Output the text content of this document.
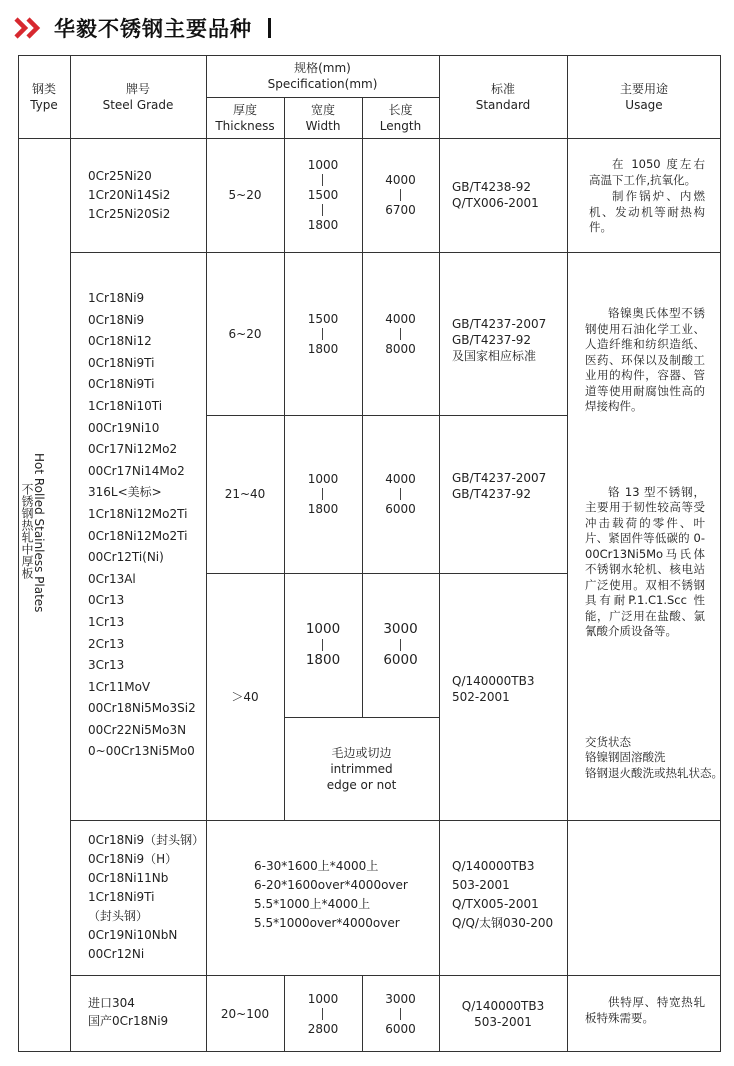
华毅不锈钢主要品种
钢类
Type
牌号
Steel Grade
规格(mm)
Specification(mm)
厚度
Thickness
宽度
Width
长度
Length
标准
Standard
主要用途
Usage
Hot Rolled Stainless Plates
不锈钢热轧中厚板
0Cr25Ni20
1Cr20Ni14Si2
1Cr25Ni20Si2
5~20
1000
1500
1800
4000
6700
GB/T4238-92
Q/TX006-2001
在 1050 度左右高温下工作,抗氧化。
制作锅炉、内燃机、发动机等耐热构件。
1Cr18Ni9
0Cr18Ni9
0Cr18Ni12
0Cr18Ni9Ti
0Cr18Ni9Ti
1Cr18Ni10Ti
00Cr19Ni10
0Cr17Ni12Mo2
00Cr17Ni14Mo2
316L<美标>
1Cr18Ni12Mo2Ti
0Cr18Ni12Mo2Ti
00Cr12Ti(Ni)
0Cr13Al
0Cr13
1Cr13
2Cr13
3Cr13
1Cr11MoV
00Cr18Ni5Mo3Si2
00Cr22Ni5Mo3N
0~00Cr13Ni5Mo0
6~20
1500
1800
4000
8000
GB/T4237-2007
GB/T4237-92
及国家相应标准
21~40
1000
1800
4000
6000
GB/T4237-2007
GB/T4237-92
＞40
1000
1800
3000
6000
毛边或切边
intrimmed
edge or not
Q/140000TB3
502-2001
铬镍奥氏体型不锈钢使用石油化学工业、人造纤维和纺织造纸、医药、环保以及制酸工业用的构件，容器、管道等使用耐腐蚀性高的焊接构件。
铬 13 型不锈钢，主要用于韧性较高等受冲击载荷的零件、叶片、紧固件等低碳的 0-00Cr13Ni5Mo马氏体不锈钢水轮机、核电站广泛使用。双相不锈钢具有耐P.1.C1.Scc 性能，广泛用在盐酸、氯氰酸介质设备等。
交货状态
铬镍钢固溶酸洗
铬钢退火酸洗或热轧状态。
0Cr18Ni9（封头钢）
0Cr18Ni9（H）
0Cr18Ni11Nb
1Cr18Ni9Ti
（封头钢）
0Cr19Ni10NbN
00Cr12Ni
6-30*1600上*4000上
6-20*1600over*4000over
5.5*1000上*4000上
5.5*1000over*4000over
Q/140000TB3
503-2001
Q/TX005-2001
Q/Q/太钢030-200
进口304
国产0Cr18Ni9
20~100
1000
2800
3000
6000
Q/140000TB3
503-2001
供特厚、特宽热轧板特殊需要。
